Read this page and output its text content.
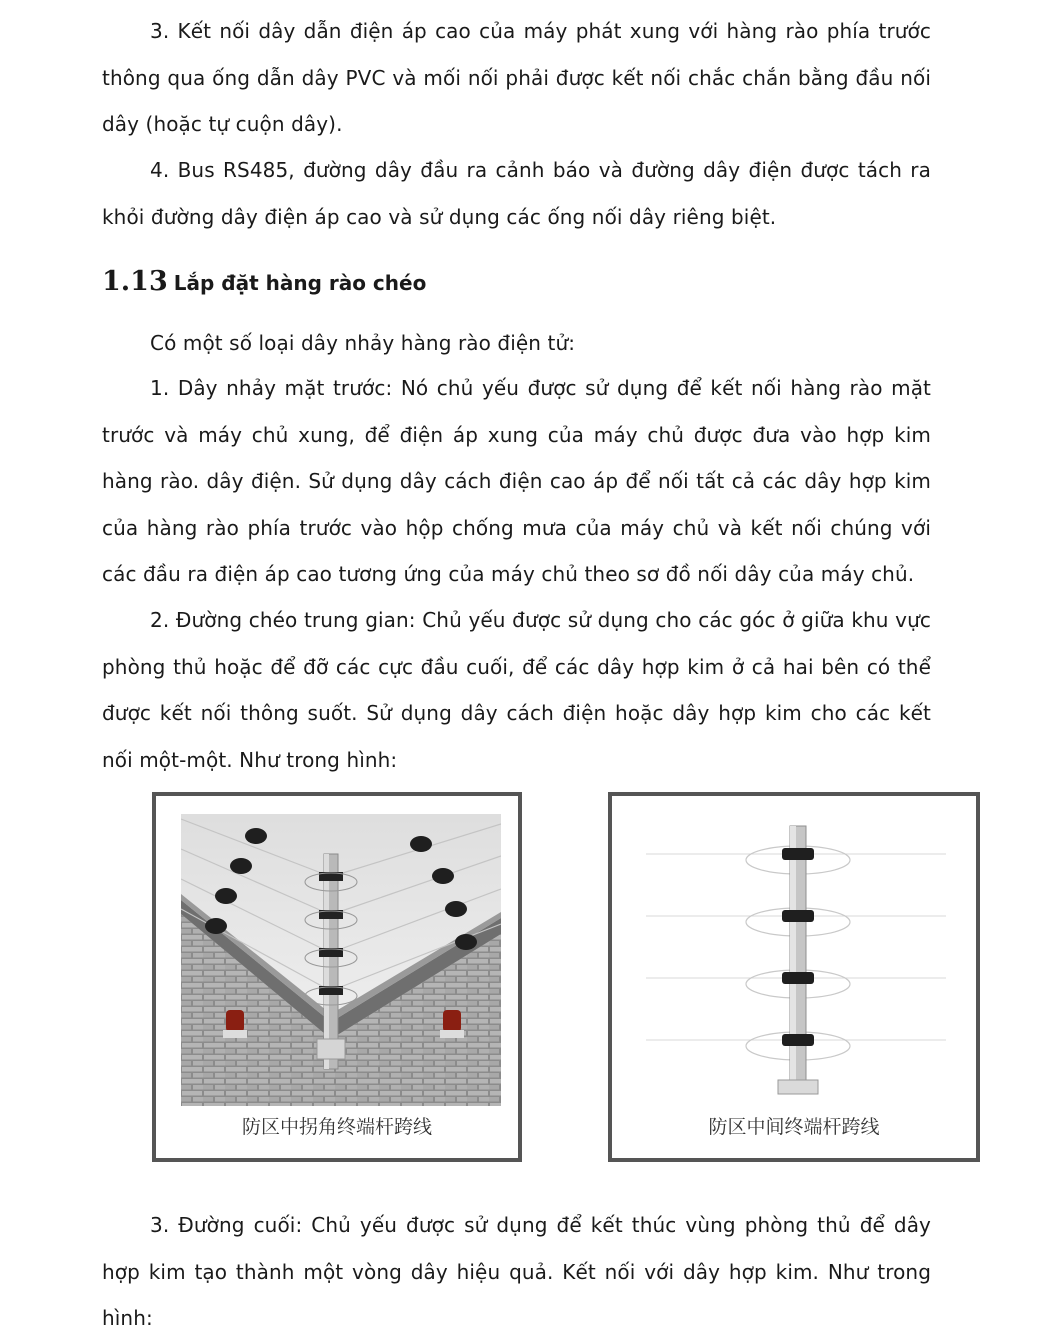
3. Kết nối dây dẫn điện áp cao của máy phát xung với hàng rào phía trước thông qua ống dẫn dây PVC và mối nối phải được kết nối chắc chắn bằng đầu nối dây (hoặc tự cuộn dây).

4. Bus RS485, đường dây đầu ra cảnh báo và đường dây điện được tách ra khỏi đường dây điện áp cao và sử dụng các ống nối dây riêng biệt.

1.13 Lắp đặt hàng rào chéo

Có một số loại dây nhảy hàng rào điện tử:

1. Dây nhảy mặt trước: Nó chủ yếu được sử dụng để kết nối hàng rào mặt trước và máy chủ xung, để điện áp xung của máy chủ được đưa vào hợp kim hàng rào. dây điện. Sử dụng dây cách điện cao áp để nối tất cả các dây hợp kim của hàng rào phía trước vào hộp chống mưa của máy chủ và kết nối chúng với các đầu ra điện áp cao tương ứng của máy chủ theo sơ đồ nối dây của máy chủ.

2. Đường chéo trung gian: Chủ yếu được sử dụng cho các góc ở giữa khu vực phòng thủ hoặc để đỡ các cực đầu cuối, để các dây hợp kim ở cả hai bên có thể được kết nối thông suốt. Sử dụng dây cách điện hoặc dây hợp kim cho các kết nối một-một. Như trong hình:

防区中拐角终端杆跨线	防区中间终端杆跨线

3. Đường cuối: Chủ yếu được sử dụng để kết thúc vùng phòng thủ để dây hợp kim tạo thành một vòng dây hiệu quả. Kết nối với dây hợp kim. Như trong hình:
